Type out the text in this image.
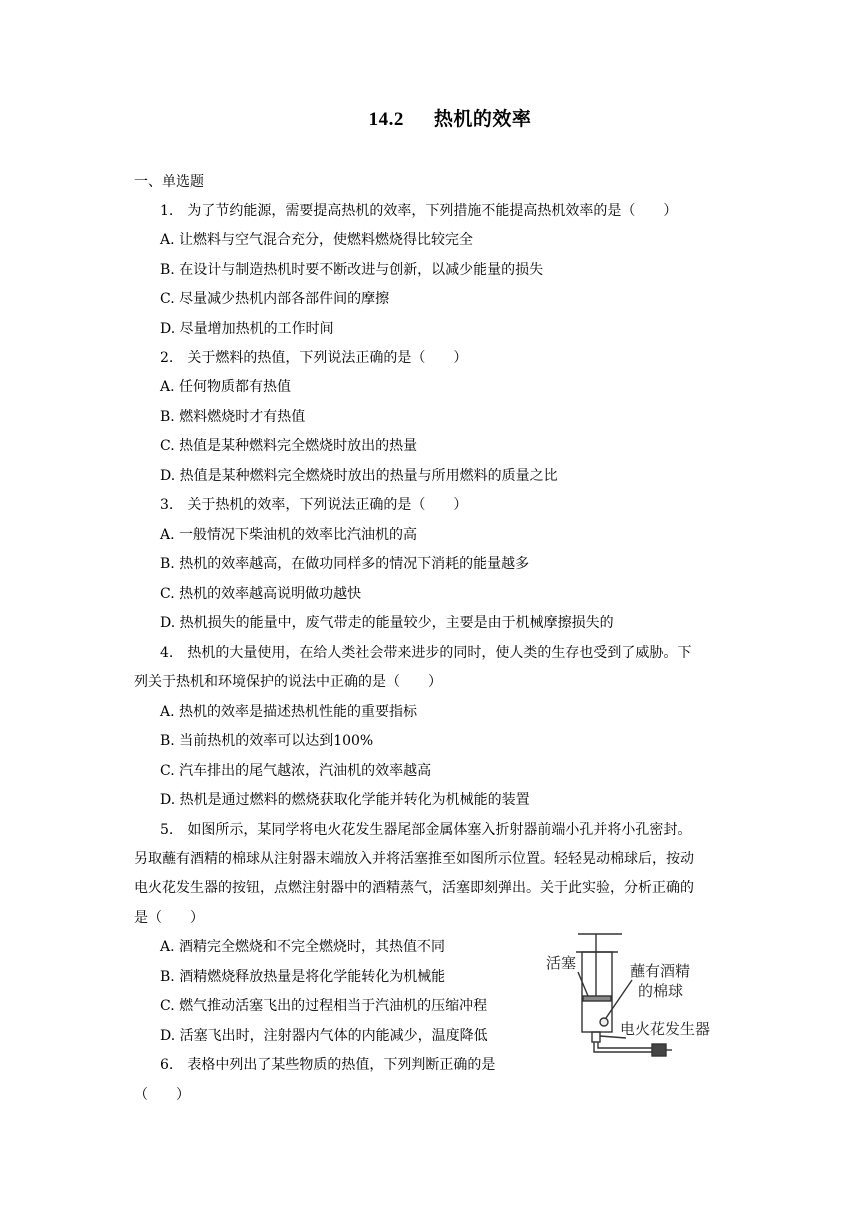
14.2 热机的效率
一、单选题
1.　为了节约能源，需要提高热机的效率，下列措施不能提高热机效率的是（　　）
A. 让燃料与空气混合充分，使燃料燃烧得比较完全
B. 在设计与制造热机时要不断改进与创新，以减少能量的损失
C. 尽量减少热机内部各部件间的摩擦
D. 尽量增加热机的工作时间
2.　关于燃料的热值，下列说法正确的是（　　）
A. 任何物质都有热值
B. 燃料燃烧时才有热值
C. 热值是某种燃料完全燃烧时放出的热量
D. 热值是某种燃料完全燃烧时放出的热量与所用燃料的质量之比
3.　关于热机的效率，下列说法正确的是（　　）
A. 一般情况下柴油机的效率比汽油机的高
B. 热机的效率越高，在做功同样多的情况下消耗的能量越多
C. 热机的效率越高说明做功越快
D. 热机损失的能量中，废气带走的能量较少，主要是由于机械摩擦损失的
4.　热机的大量使用，在给人类社会带来进步的同时，使人类的生存也受到了威胁。下
列关于热机和环境保护的说法中正确的是（　　）
A. 热机的效率是描述热机性能的重要指标
B. 当前热机的效率可以达到100%
C. 汽车排出的尾气越浓，汽油机的效率越高
D. 热机是通过燃料的燃烧获取化学能并转化为机械能的装置
5.　如图所示，某同学将电火花发生器尾部金属体塞入折射器前端小孔并将小孔密封。
另取蘸有酒精的棉球从注射器末端放入并将活塞推至如图所示位置。轻轻晃动棉球后，按动
电火花发生器的按钮，点燃注射器中的酒精蒸气，活塞即刻弹出。关于此实验，分析正确的
是（　　）
A. 酒精完全燃烧和不完全燃烧时，其热值不同
B. 酒精燃烧释放热量是将化学能转化为机械能
C. 燃气推动活塞飞出的过程相当于汽油机的压缩冲程
D. 活塞飞出时，注射器内气体的内能减少，温度降低
6.　表格中列出了某些物质的热值，下列判断正确的是
（　　）
活塞	蘸有酒精
的棉球
电火花发生器
